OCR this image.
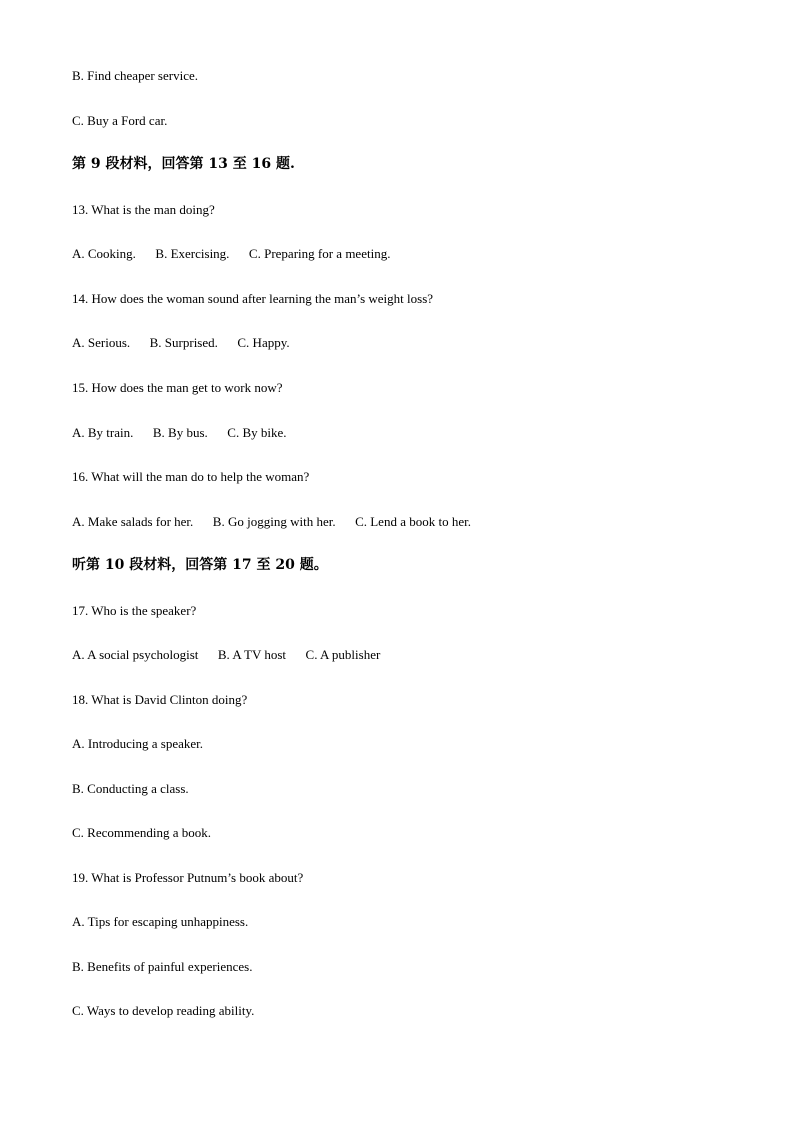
B. Find cheaper service.
C. Buy a Ford car.
第 9 段材料，回答第 13 至 16 题.
13. What is the man doing?
A. Cooking.      B. Exercising.      C. Preparing for a meeting.
14. How does the woman sound after learning the man’s weight loss?
A. Serious.      B. Surprised.      C. Happy.
15. How does the man get to work now?
A. By train.      B. By bus.      C. By bike.
16. What will the man do to help the woman?
A. Make salads for her.      B. Go jogging with her.      C. Lend a book to her.
听第 10 段材料，回答第 17 至 20 题。
17. Who is the speaker?
A. A social psychologist      B. A TV host      C. A publisher
18. What is David Clinton doing?
A. Introducing a speaker.
B. Conducting a class.
C. Recommending a book.
19. What is Professor Putnum’s book about?
A. Tips for escaping unhappiness.
B. Benefits of painful experiences.
C. Ways to develop reading ability.
